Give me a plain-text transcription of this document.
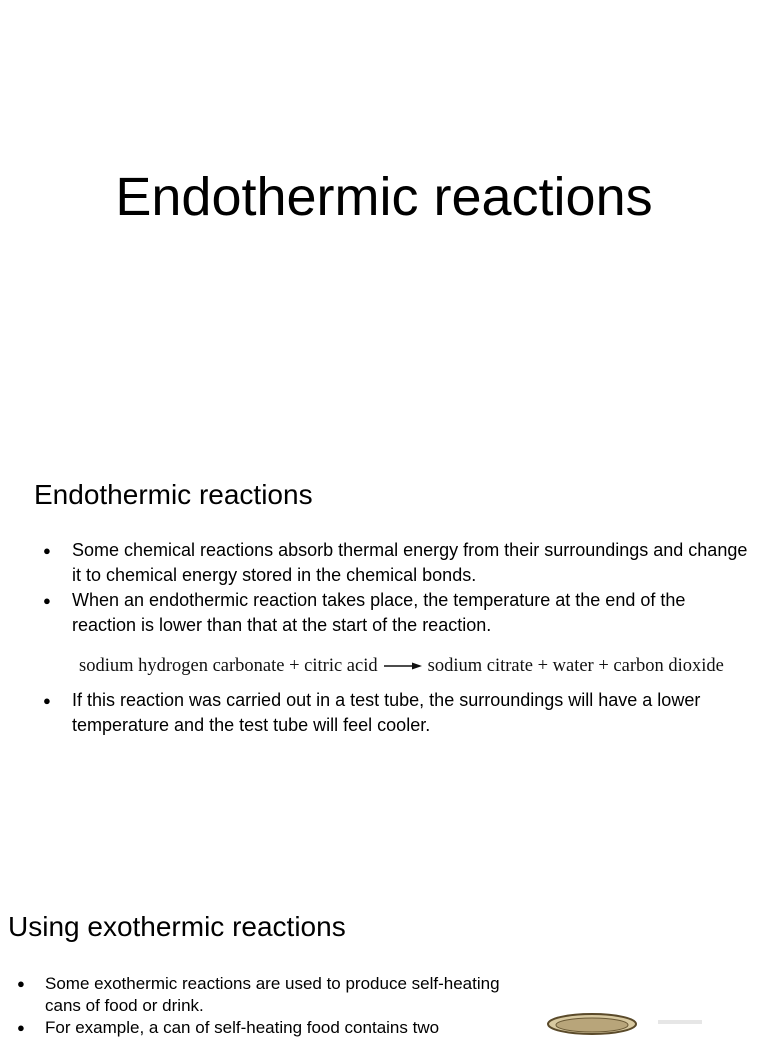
Endothermic reactions
Endothermic reactions
● Some chemical reactions absorb thermal energy from their surroundings and change it to chemical energy stored in the chemical bonds.
● When an endothermic reaction takes place, the temperature at the end of the reaction is lower than that at the start of the reaction.
sodium hydrogen carbonate + citric acid → sodium citrate + water + carbon dioxide
● If this reaction was carried out in a test tube, the surroundings will have a lower temperature and the test tube will feel cooler.
Using exothermic reactions
● Some exothermic reactions are used to produce self-heating cans of food or drink.
● For example, a can of self-heating food contains two
